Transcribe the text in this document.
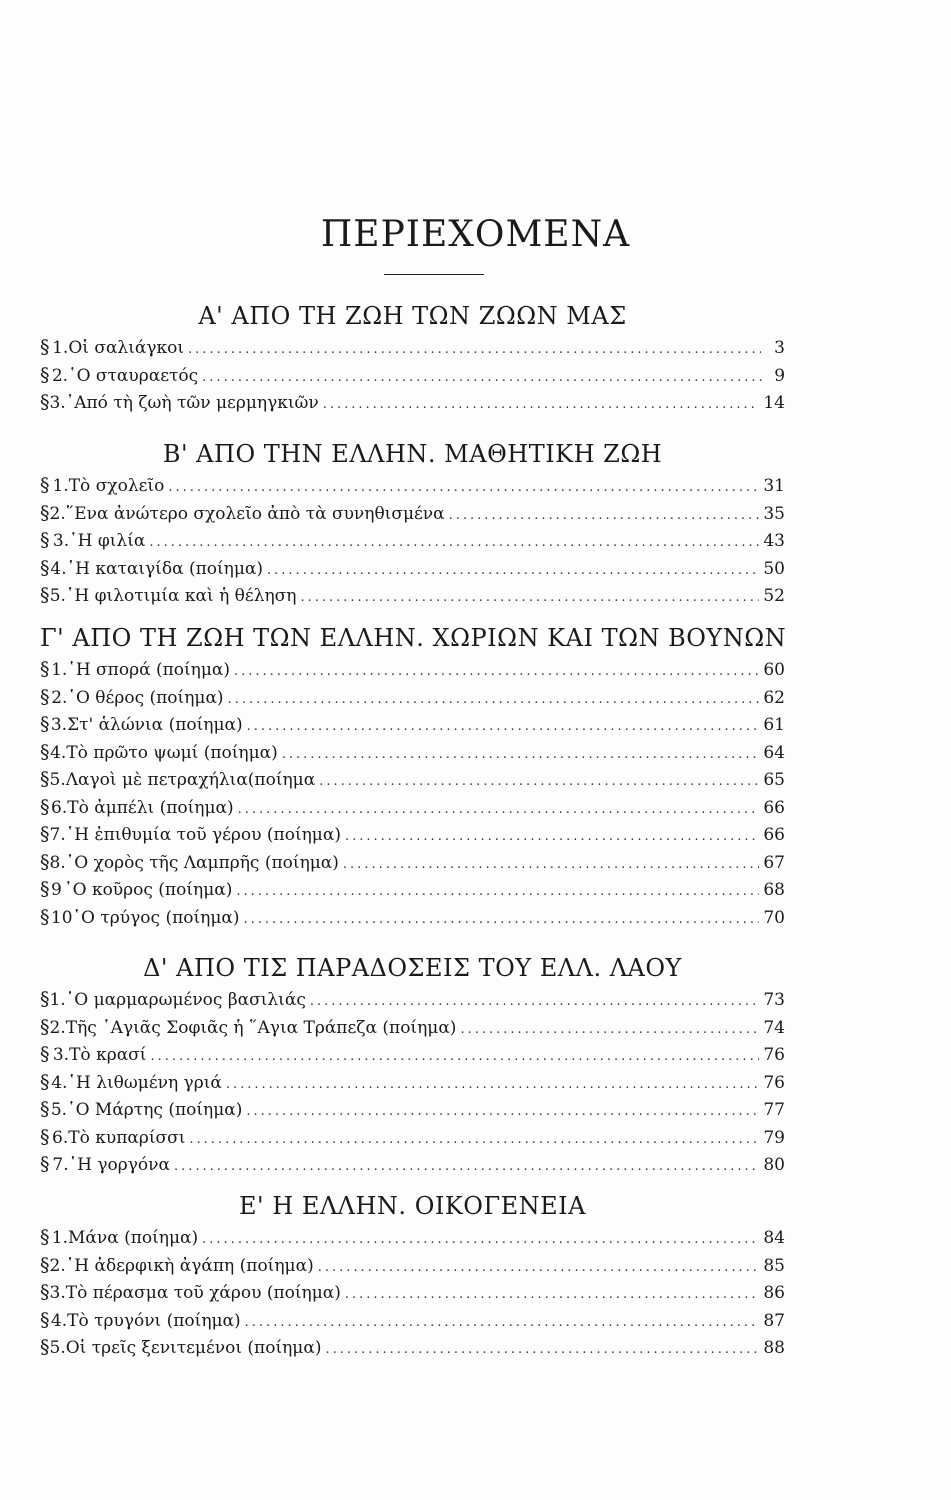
ΠΕΡΙΕΧΟΜΕΝΑ
Α' ΑΠΟ ΤΗ ΖΩΗ ΤΩΝ ΖΩΩΝ ΜΑΣ
§ 1. Οἱ σαλιάγκοι .....	3
§ 2. ῾Ο σταυραετός .....	9
§ 3. ᾿Από τὴ ζωὴ τῶν μερμηγκιῶν .....	14
Β' ΑΠΟ ΤΗΝ ΕΛΛΗΝ. ΜΑΘΗΤΙΚΗ ΖΩΗ
§ 1. Τὸ σχολεῖο .....	31
§ 2. ῞Ενα ἀνώτερο σχολεῖο ἀπὸ τὰ συνηθισμένα .....	35
§ 3. ῾Η φιλία .....	43
§ 4. ῾Η καταιγίδα (ποίημα) .....	50
§ 5. ῾Η φιλοτιμία καὶ ἡ θέληση .....	52
Γ' ΑΠΟ ΤΗ ΖΩΗ ΤΩΝ ΕΛΛΗΝ. ΧΩΡΙΩΝ ΚΑΙ ΤΩΝ ΒΟΥΝΩΝ
§ 1. ῾Η σπορά (ποίημα) .....	60
§ 2. ῾Ο θέρος (ποίημα) .....	62
§ 3. Στ' ἁλώνια (ποίημα) .....	61
§ 4. Τὸ πρῶτο ψωμί (ποίημα) .....	64
§ 5. Λαγοὶ μὲ πετραχήλια(ποίημα .....	65
§ 6. Τὸ ἀμπέλι (ποίημα) .....	66
§ 7. ῾Η ἐπιθυμία τοῦ γέρου (ποίημα) .....	66
§ 8. ῾Ο χορὸς τῆς Λαμπρῆς (ποίημα) .....	67
§ 9 ῾Ο κοῦρος (ποίημα) .....	68
§ 10 ῾Ο τρύγος (ποίημα) .....	70
Δ' ΑΠΟ ΤΙΣ ΠΑΡΑΔΟΣΕΙΣ ΤΟΥ ΕΛΛ. ΛΑΟΥ
§ 1. ῾Ο μαρμαρωμένος βασιλιάς .....	73
§ 2. Τῆς ῾Αγιᾶς Σοφιᾶς ἡ ῞Αγια Τράπεζα (ποίημα) .....	74
§ 3. Τὸ κρασί .....	76
§ 4. ῾Η λιθωμένη γριά .....	76
§ 5. ῾Ο Μάρτης (ποίημα) .....	77
§ 6. Τὸ κυπαρίσσι .....	79
§ 7. ῾Η γοργόνα .....	80
Ε' Η ΕΛΛΗΝ. ΟΙΚΟΓΕΝΕΙΑ
§ 1. Μάνα (ποίημα) .....	84
§ 2. ῾Η ἀδερφικὴ ἀγάπη (ποίημα) .....	85
§ 3. Τὸ πέρασμα τοῦ χάρου (ποίημα) .....	86
§ 4. Τὸ τρυγόνι (ποίημα) .....	87
§ 5. Οἱ τρεῖς ξενιτεμένοι (ποίημα) .....	88
